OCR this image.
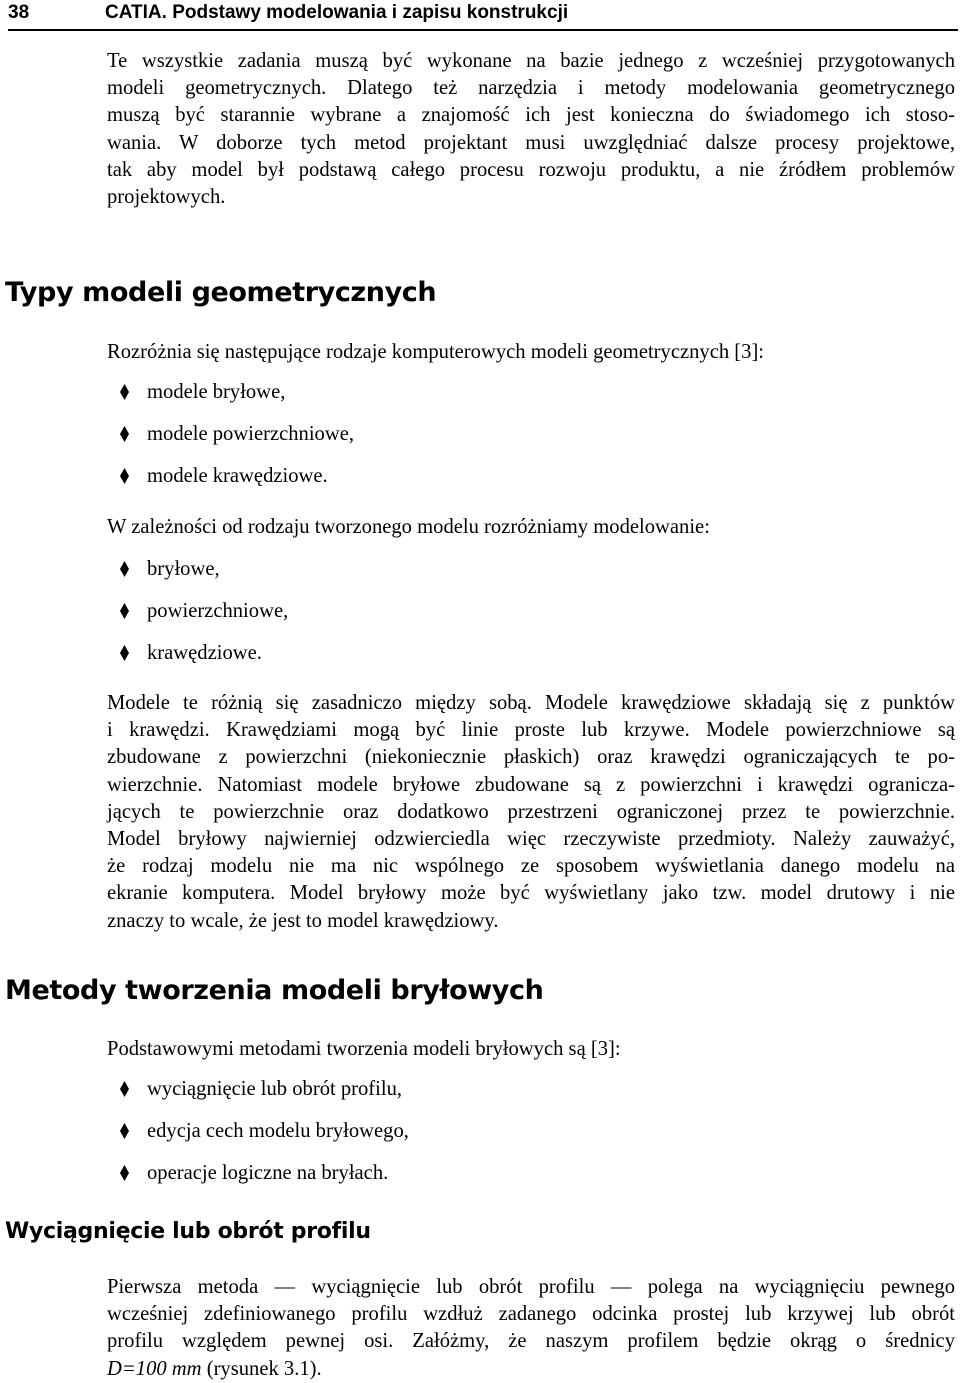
38	CATIA. Podstawy modelowania i zapisu konstrukcji
Te wszystkie zadania muszą być wykonane na bazie jednego z wcześniej przygotowanych
modeli geometrycznych. Dlatego też narzędzia i metody modelowania geometrycznego
muszą być starannie wybrane a znajomość ich jest konieczna do świadomego ich stoso-
wania. W doborze tych metod projektant musi uwzględniać dalsze procesy projektowe,
tak aby model był podstawą całego procesu rozwoju produktu, a nie źródłem problemów
projektowych.
Typy modeli geometrycznych

Rozróżnia się następujące rodzaje komputerowych modeli geometrycznych [3]:

modele bryłowe,
modele powierzchniowe,
modele krawędziowe.

W zależności od rodzaju tworzonego modelu rozróżniamy modelowanie:

bryłowe,
powierzchniowe,
krawędziowe.
Modele te różnią się zasadniczo między sobą. Modele krawędziowe składają się z punktów
i krawędzi. Krawędziami mogą być linie proste lub krzywe. Modele powierzchniowe są
zbudowane z powierzchni (niekoniecznie płaskich) oraz krawędzi ograniczających te po-
wierzchnie. Natomiast modele bryłowe zbudowane są z powierzchni i krawędzi ogranicza-
jących te powierzchnie oraz dodatkowo przestrzeni ograniczonej przez te powierzchnie.
Model bryłowy najwierniej odzwierciedla więc rzeczywiste przedmioty. Należy zauważyć,
że rodzaj modelu nie ma nic wspólnego ze sposobem wyświetlania danego modelu na
ekranie komputera. Model bryłowy może być wyświetlany jako tzw. model drutowy i nie
znaczy to wcale, że jest to model krawędziowy.
Metody tworzenia modeli bryłowych

Podstawowymi metodami tworzenia modeli bryłowych są [3]:

wyciągnięcie lub obrót profilu,
edycja cech modelu bryłowego,
operacje logiczne na bryłach.
Wyciągnięcie lub obrót profilu
Pierwsza metoda — wyciągnięcie lub obrót profilu — polega na wyciągnięciu pewnego
wcześniej zdefiniowanego profilu wzdłuż zadanego odcinka prostej lub krzywej lub obrót
profilu względem pewnej osi. Załóżmy, że naszym profilem będzie okrąg o średnicy
D=100 mm (rysunek 3.1).
